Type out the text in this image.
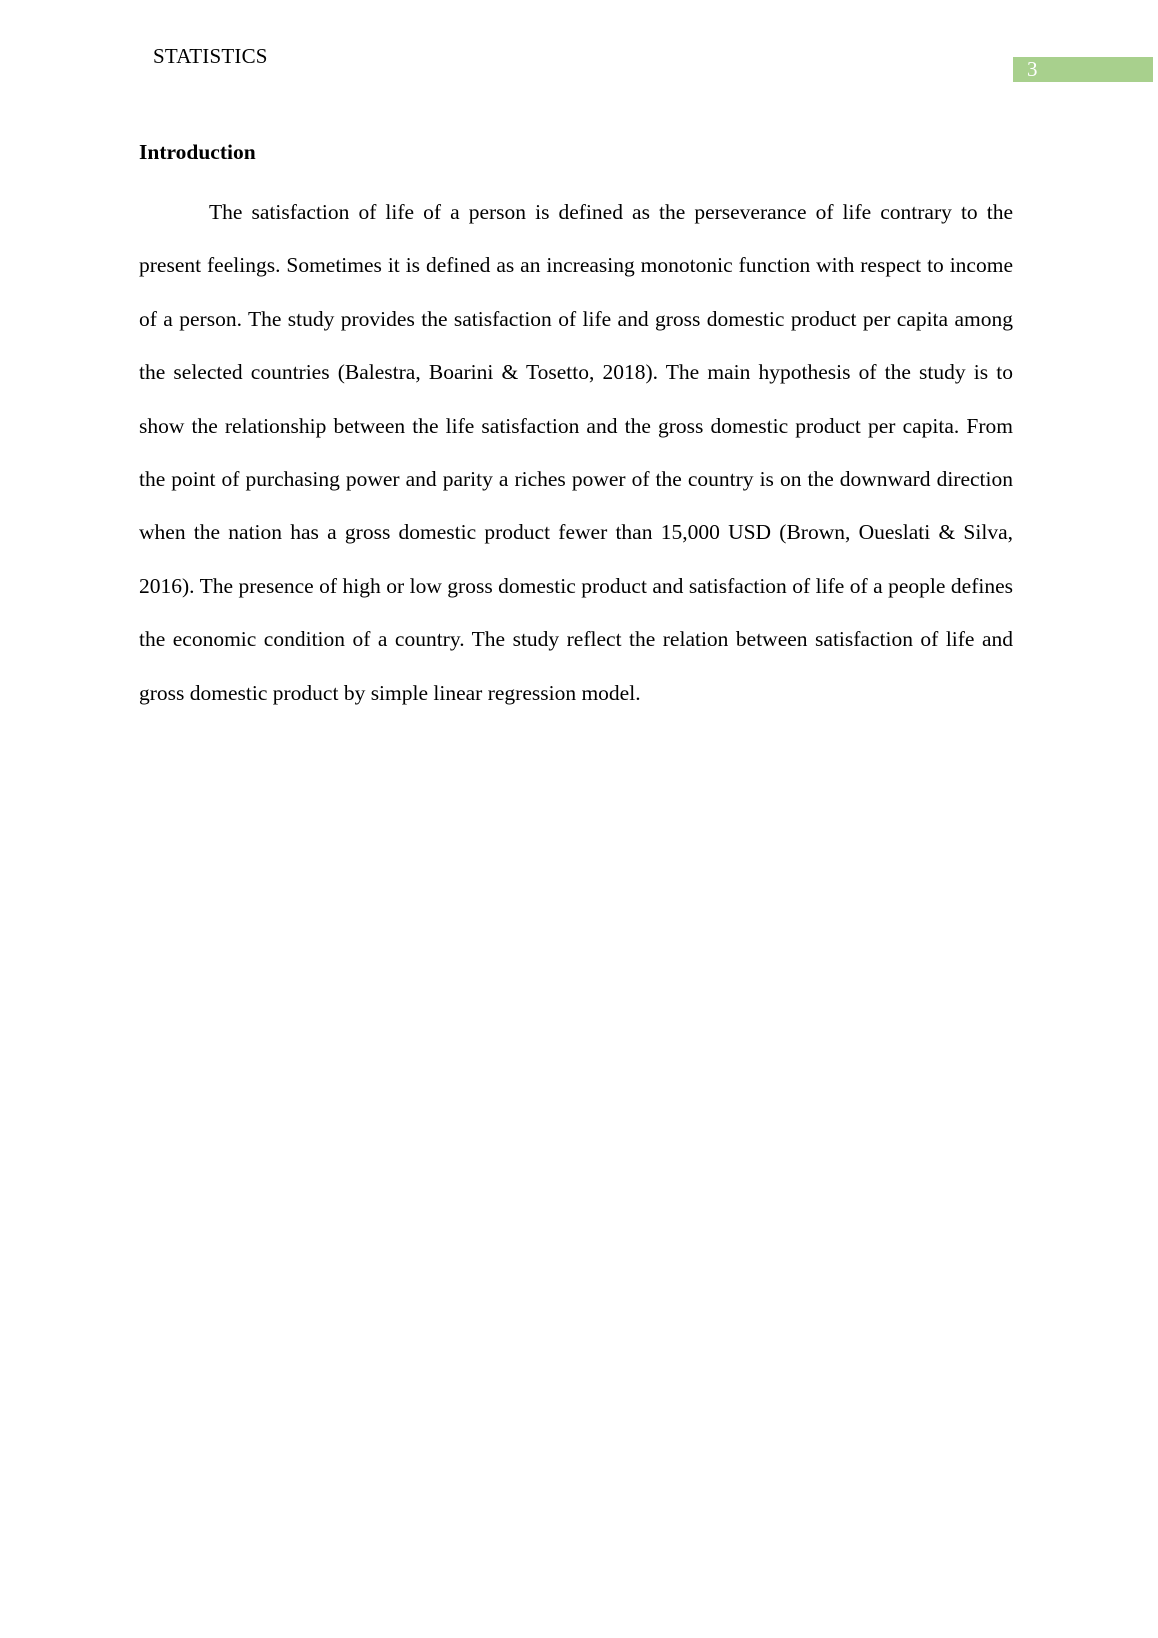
STATISTICS
3
Introduction

The satisfaction of life of a person is defined as the perseverance of life contrary to the present feelings. Sometimes it is defined as an increasing monotonic function with respect to income of a person. The study provides the satisfaction of life and gross domestic product per capita among the selected countries (Balestra, Boarini & Tosetto, 2018). The main hypothesis of the study is to show the relationship between the life satisfaction and the gross domestic product per capita. From the point of purchasing power and parity a riches power of the country is on the downward direction when the nation has a gross domestic product fewer than 15,000 USD (Brown, Oueslati & Silva, 2016). The presence of high or low gross domestic product and satisfaction of life of a people defines the economic condition of a country. The study reflect the relation between satisfaction of life and gross domestic product by simple linear regression model.
